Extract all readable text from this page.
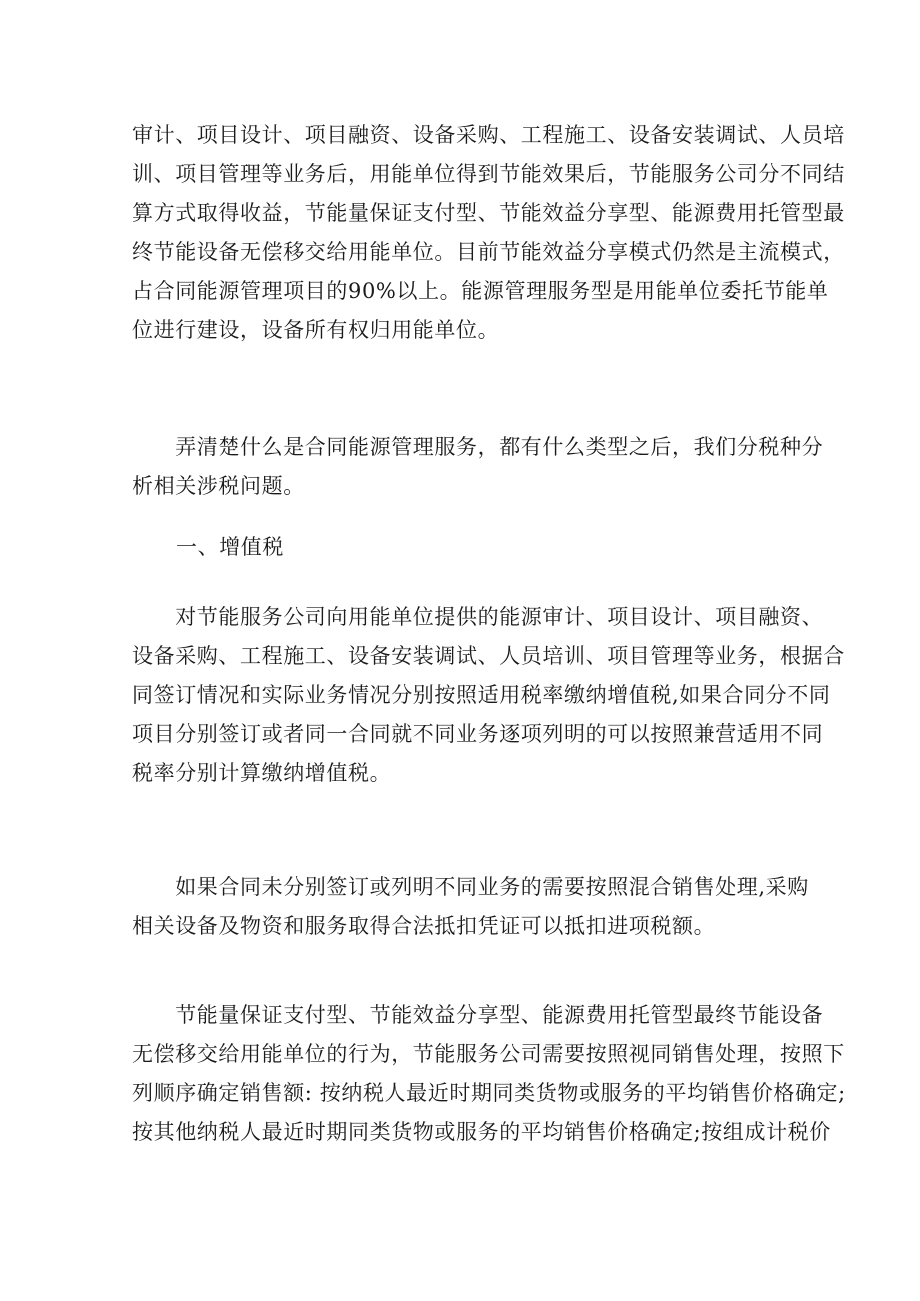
审计、项目设计、项目融资、设备采购、工程施工、设备安装调试、人员培
训、项目管理等业务后，用能单位得到节能效果后，节能服务公司分不同结
算方式取得收益，节能量保证支付型、节能效益分享型、能源费用托管型最
终节能设备无偿移交给用能单位。目前节能效益分享模式仍然是主流模式，
占合同能源管理项目的90%以上。能源管理服务型是用能单位委托节能单
位进行建设，设备所有权归用能单位。
　　弄清楚什么是合同能源管理服务，都有什么类型之后，我们分税种分
析相关涉税问题。
一、增值税
　　对节能服务公司向用能单位提供的能源审计、项目设计、项目融资、
设备采购、工程施工、设备安装调试、人员培训、项目管理等业务，根据合
同签订情况和实际业务情况分别按照适用税率缴纳增值税,如果合同分不同
项目分别签订或者同一合同就不同业务逐项列明的可以按照兼营适用不同
税率分别计算缴纳增值税。
　　如果合同未分别签订或列明不同业务的需要按照混合销售处理,采购
相关设备及物资和服务取得合法抵扣凭证可以抵扣进项税额。
　　节能量保证支付型、节能效益分享型、能源费用托管型最终节能设备
无偿移交给用能单位的行为，节能服务公司需要按照视同销售处理，按照下
列顺序确定销售额: 按纳税人最近时期同类货物或服务的平均销售价格确定;
按其他纳税人最近时期同类货物或服务的平均销售价格确定;按组成计税价
